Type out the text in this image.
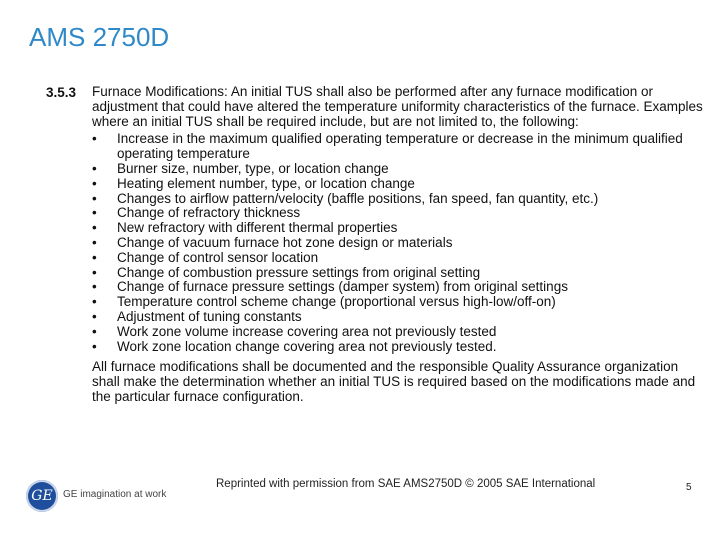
AMS 2750D
3.5.3 Furnace Modifications: An initial TUS shall also be performed after any furnace modification or adjustment that could have altered the temperature uniformity characteristics of the furnace. Examples where an initial TUS shall be required include, but are not limited to, the following:

• Increase in the maximum qualified operating temperature or decrease in the minimum qualified operating temperature
• Burner size, number, type, or location change
• Heating element number, type, or location change
• Changes to airflow pattern/velocity (baffle positions, fan speed, fan quantity, etc.)
• Change of refractory thickness
• New refractory with different thermal properties
• Change of vacuum furnace hot zone design or materials
• Change of control sensor location
• Change of combustion pressure settings from original setting
• Change of furnace pressure settings (damper system) from original settings
• Temperature control scheme change (proportional versus high-low/off-on)
• Adjustment of tuning constants
• Work zone volume increase covering area not previously tested
• Work zone location change covering area not previously tested.

All furnace modifications shall be documented and the responsible Quality Assurance organization shall make the determination whether an initial TUS is required based on the modifications made and the particular furnace configuration.

GE	GE imagination at work
Reprinted with permission from SAE AMS2750D © 2005 SAE International	5
